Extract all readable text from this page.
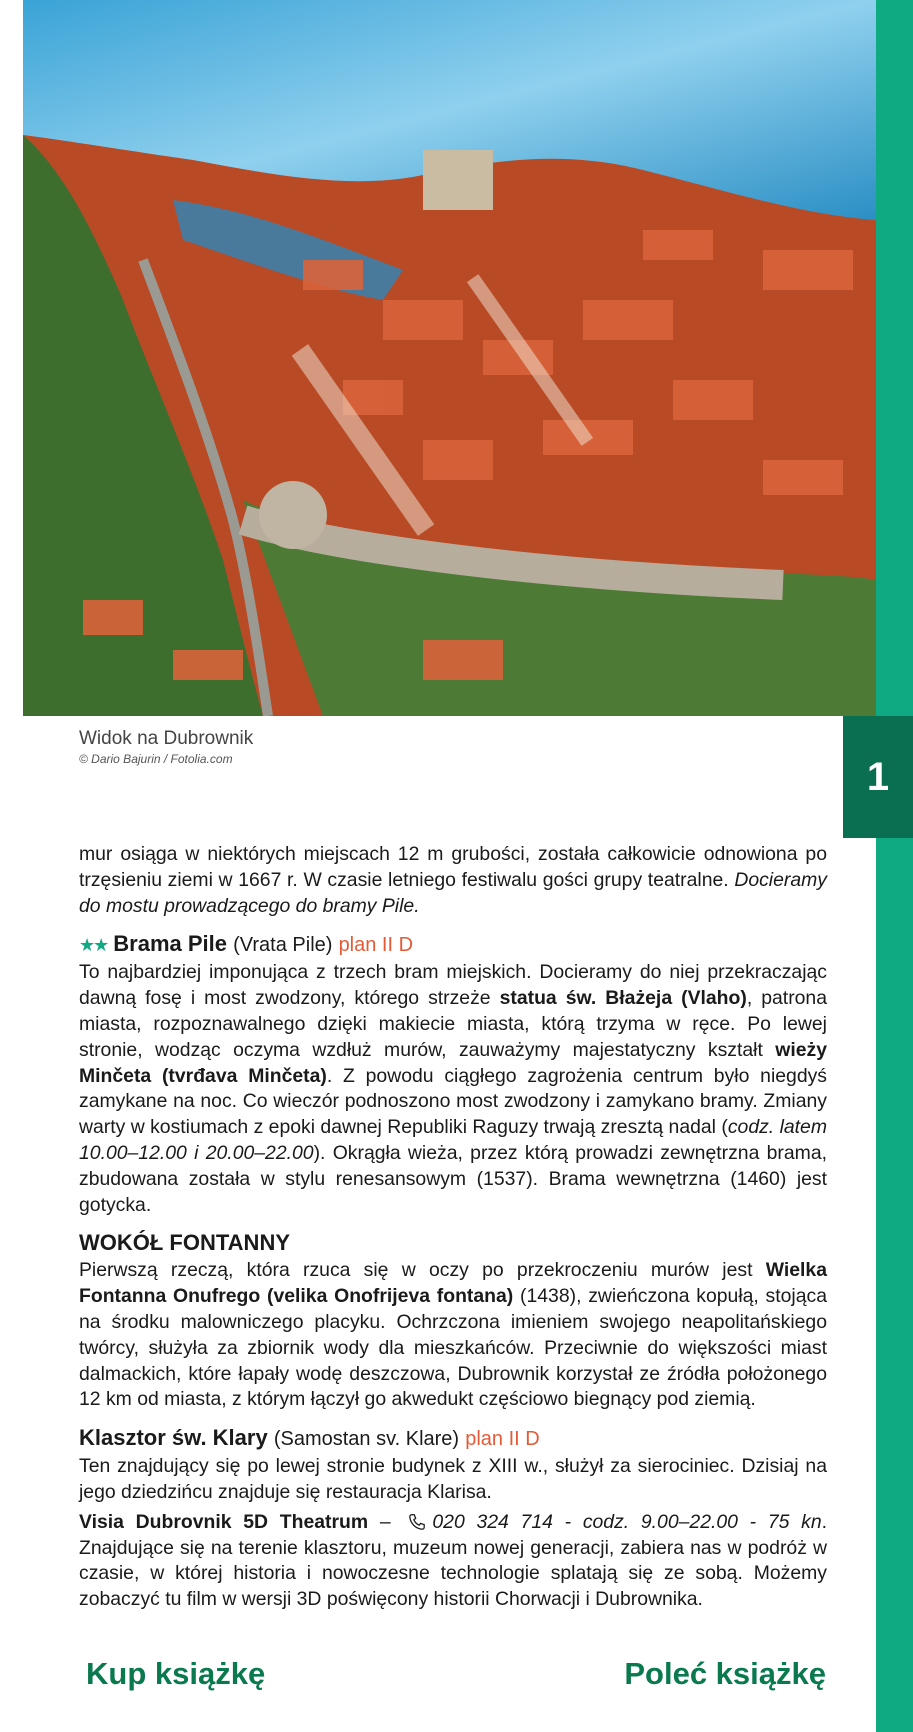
1
Widok na Dubrownik
© Dario Bajurin / Fotolia.com

mur osiąga w niektórych miejscach 12 m grubości, została całkowicie odnowiona po trzęsieniu ziemi w 1667 r. W czasie letniego festiwalu gości grupy teatralne. Docieramy do mostu prowadzącego do bramy Pile.

★★ Brama Pile (Vrata Pile) plan II D

To najbardziej imponująca z trzech bram miejskich. Docieramy do niej przekraczając dawną fosę i most zwodzony, którego strzeże statua św. Błażeja (Vlaho), patrona miasta, rozpoznawalnego dzięki makiecie miasta, którą trzyma w ręce. Po lewej stronie, wodząc oczyma wzdłuż murów, zauważymy majestatyczny kształt wieży Minčeta (tvrđava Minčeta). Z powodu ciągłego zagrożenia centrum było niegdyś zamykane na noc. Co wieczór podnoszono most zwodzony i zamykano bramy. Zmiany warty w kostiumach z epoki dawnej Republiki Raguzy trwają zresztą nadal (codz. latem 10.00–12.00 i 20.00–22.00). Okrągła wieża, przez którą prowadzi zewnętrzna brama, zbudowana została w stylu renesansowym (1537). Brama wewnętrzna (1460) jest gotycka.

WOKÓŁ FONTANNY

Pierwszą rzeczą, która rzuca się w oczy po przekroczeniu murów jest Wielka Fontanna Onufrego (velika Onofrijeva fontana) (1438), zwieńczona kopułą, stojąca na środku malowniczego placyku. Ochrzczona imieniem swojego neapolitańskiego twórcy, służyła za zbiornik wody dla mieszkańców. Przeciwnie do większości miast dalmackich, które łapały wodę deszczowa, Dubrownik korzystał ze źródła położonego 12 km od miasta, z którym łączył go akwedukt częściowo biegnący pod ziemią.

Klasztor św. Klary (Samostan sv. Klare) plan II D

Ten znajdujący się po lewej stronie budynek z XIII w., służył za sierociniec. Dzisiaj na jego dziedzińcu znajduje się restauracja Klarisa.

Visia Dubrovnik 5D Theatrum – 020 324 714 - codz. 9.00–22.00 - 75 kn. Znajdujące się na terenie klasztoru, muzeum nowej generacji, zabiera nas w podróż w czasie, w której historia i nowoczesne technologie splatają się ze sobą. Możemy zobaczyć tu film w wersji 3D poświęcony historii Chorwacji i Dubrownika.

Kup książkę	Poleć książkę
